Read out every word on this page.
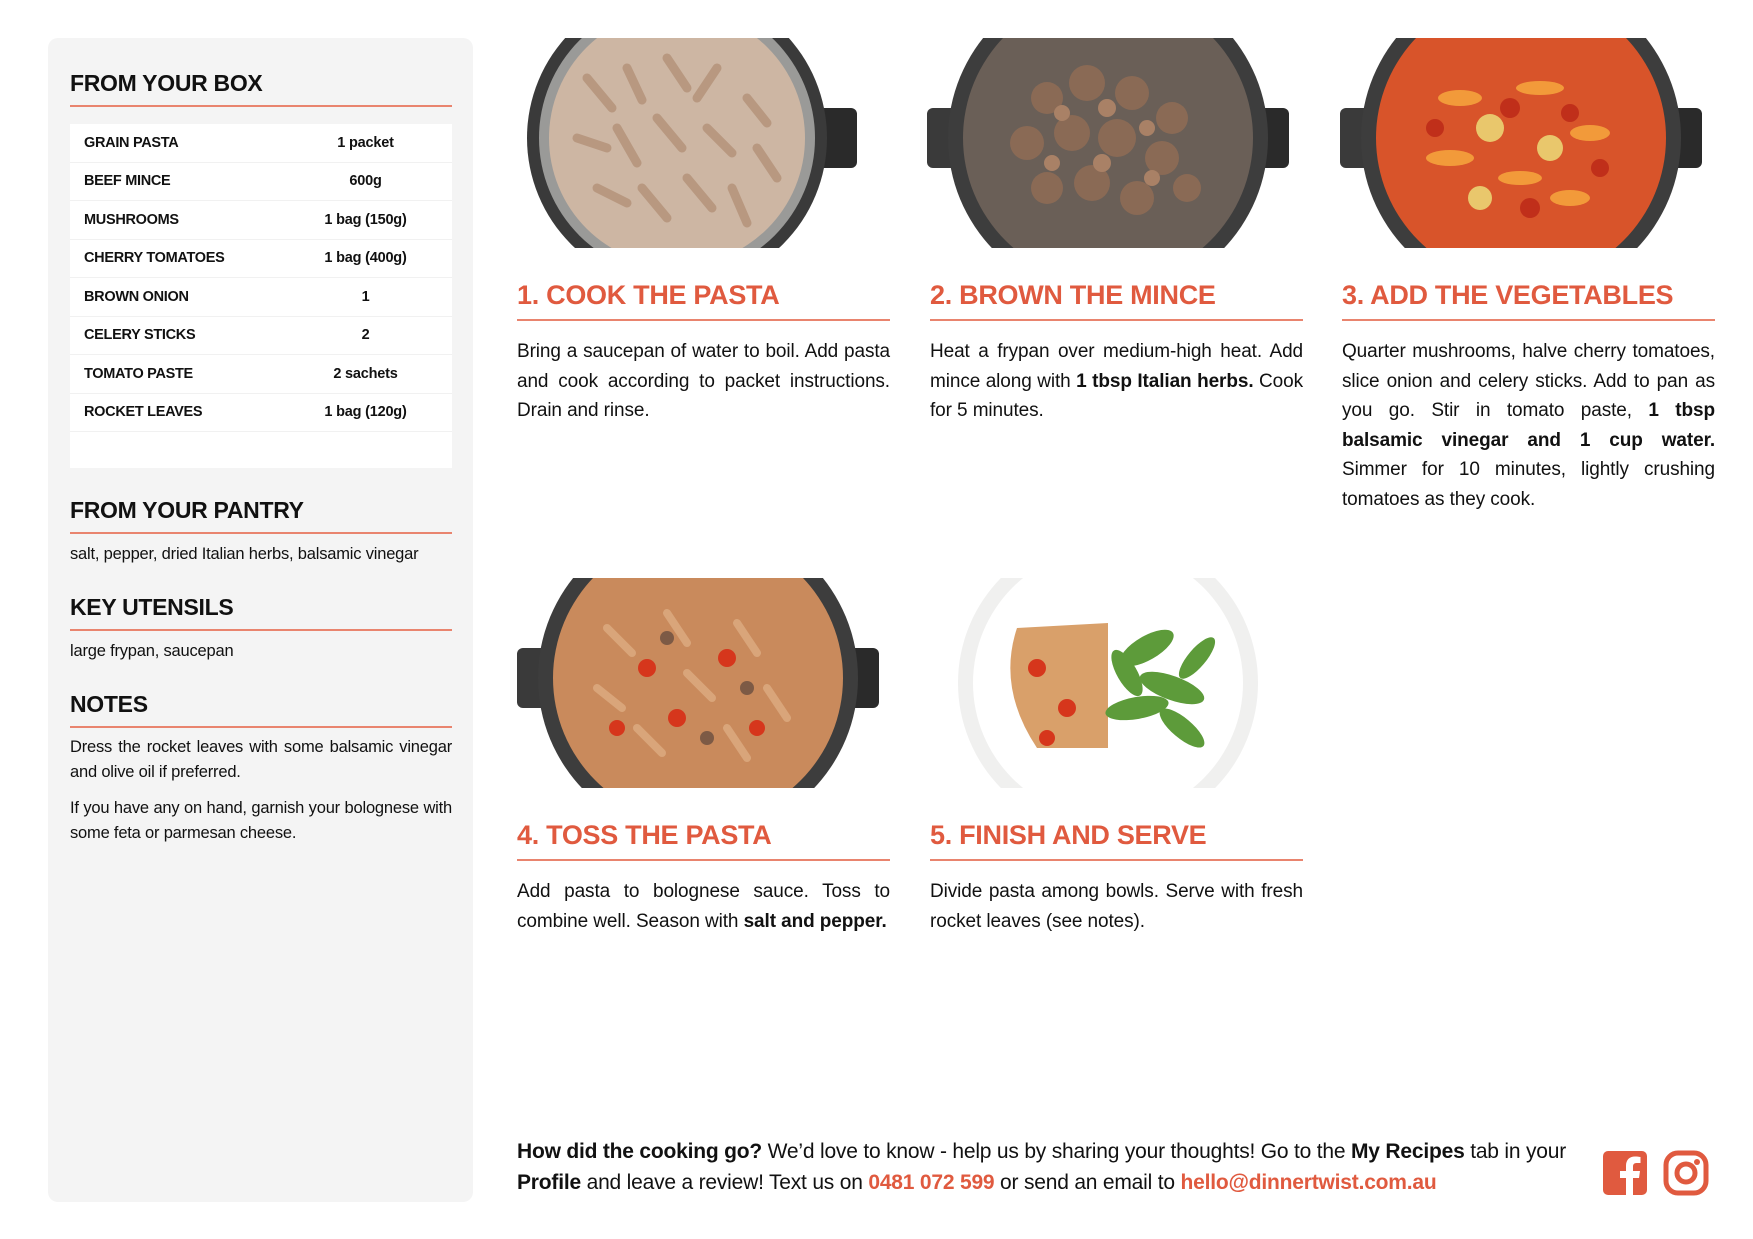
FROM YOUR BOX
GRAIN PASTA	1 packet
BEEF MINCE	600g
MUSHROOMS	1 bag (150g)
CHERRY TOMATOES	1 bag (400g)
BROWN ONION	1
CELERY STICKS	2
TOMATO PASTE	2 sachets
ROCKET LEAVES	1 bag (120g)
FROM YOUR PANTRY
salt, pepper, dried Italian herbs, balsamic vinegar
KEY UTENSILS
large frypan, saucepan
NOTES

Dress the rocket leaves with some balsamic vinegar and olive oil if preferred.

If you have any on hand, garnish your bolognese with some feta or parmesan cheese.

1. COOK THE PASTA
Bring a saucepan of water to boil. Add pasta and cook according to packet instructions. Drain and rinse.
2. BROWN THE MINCE
Heat a frypan over medium-high heat. Add mince along with 1 tbsp Italian herbs. Cook for 5 minutes.
3. ADD THE VEGETABLES
Quarter mushrooms, halve cherry tomatoes, slice onion and celery sticks. Add to pan as you go. Stir in tomato paste, 1 tbsp balsamic vinegar and 1 cup water. Simmer for 10 minutes, lightly crushing tomatoes as they cook.
4. TOSS THE PASTA
Add pasta to bolognese sauce. Toss to combine well. Season with salt and pepper.
5. FINISH AND SERVE
Divide pasta among bowls. Serve with fresh rocket leaves (see notes).
How did the cooking go? We’d love to know - help us by sharing your thoughts! Go to the My Recipes tab in your Profile and leave a review! Text us on 0481 072 599 or send an email to hello@dinnertwist.com.au
